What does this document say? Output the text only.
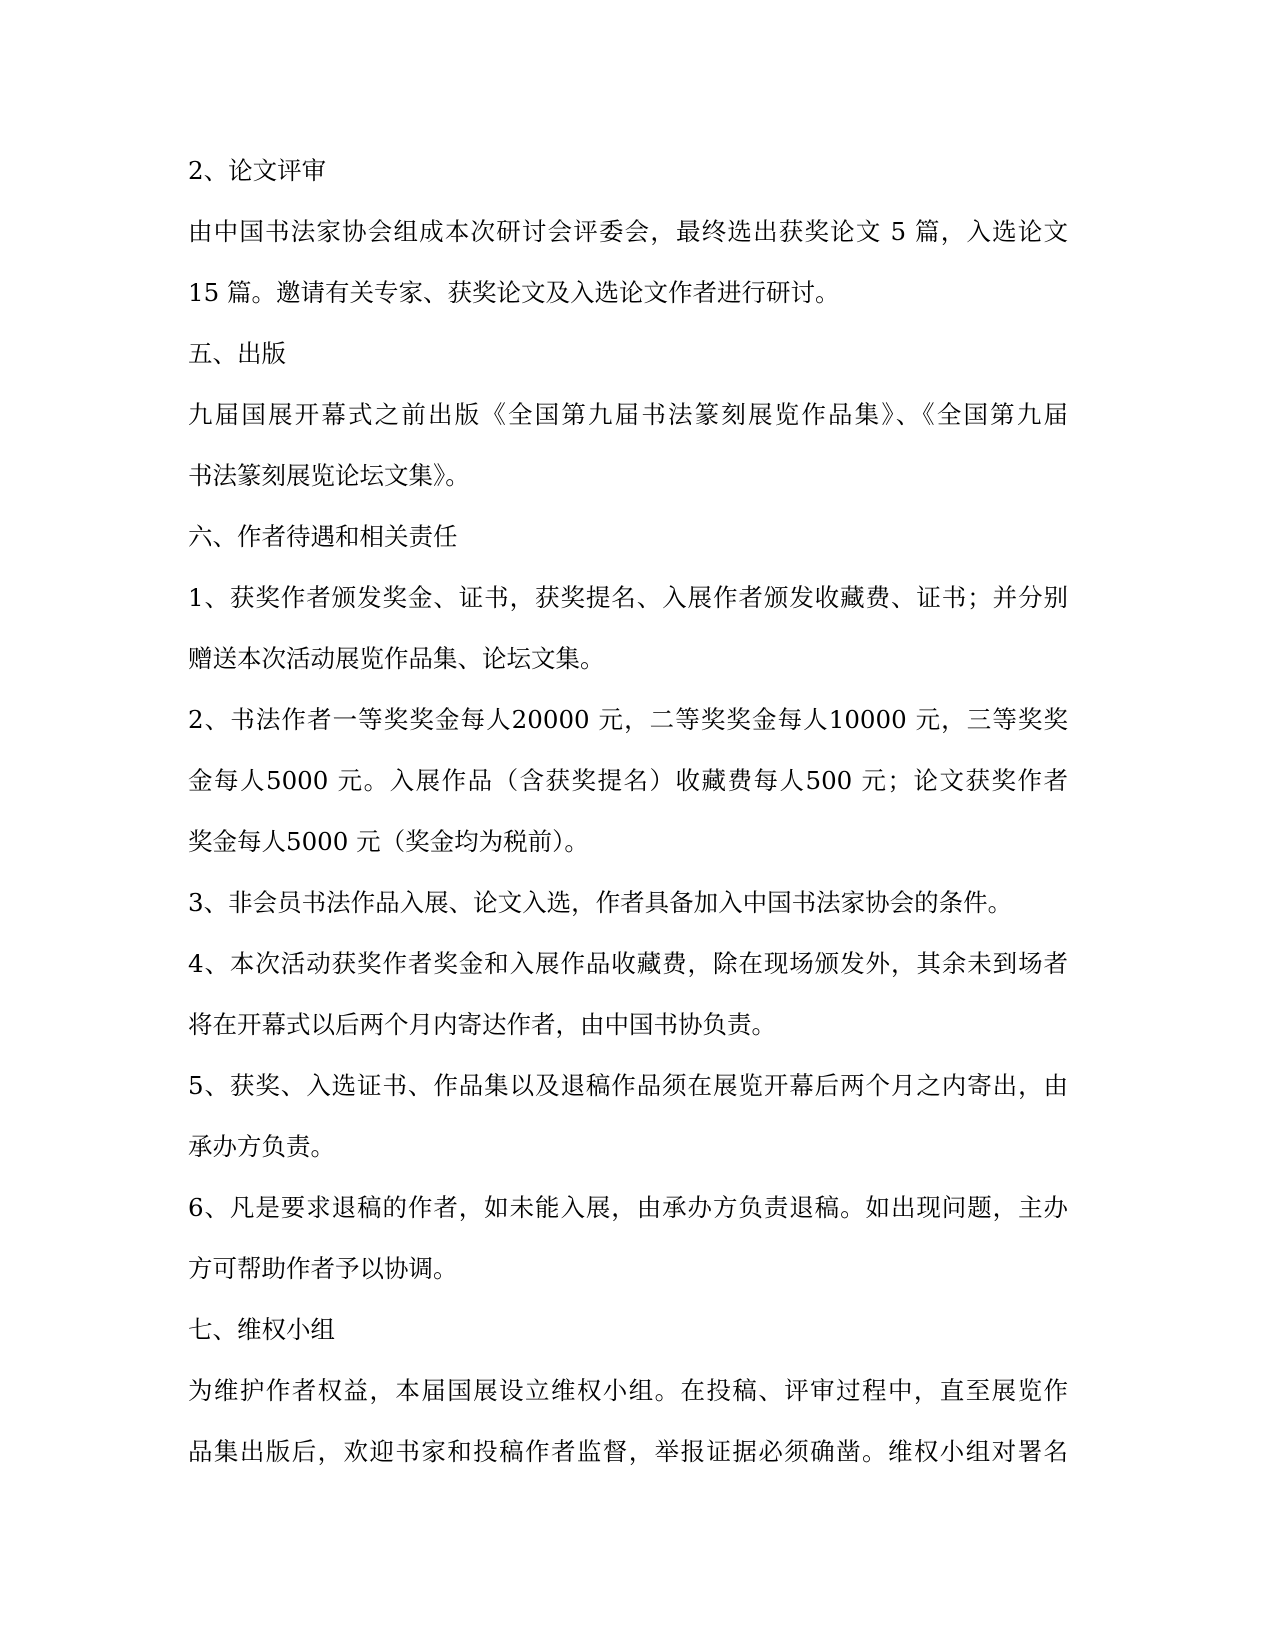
2、论文评审
由中国书法家协会组成本次研讨会评委会，最终选出获奖论文 5 篇，入选论文
15 篇。邀请有关专家、获奖论文及入选论文作者进行研讨。
五、出版
九届国展开幕式之前出版《全国第九届书法篆刻展览作品集》、《全国第九届
书法篆刻展览论坛文集》。
六、作者待遇和相关责任
1、获奖作者颁发奖金、证书，获奖提名、入展作者颁发收藏费、证书；并分别
赠送本次活动展览作品集、论坛文集。
2、书法作者一等奖奖金每人20000 元，二等奖奖金每人10000 元，三等奖奖
金每人5000 元。入展作品（含获奖提名）收藏费每人500 元；论文获奖作者
奖金每人5000 元（奖金均为税前）。
3、非会员书法作品入展、论文入选，作者具备加入中国书法家协会的条件。
4、本次活动获奖作者奖金和入展作品收藏费，除在现场颁发外，其余未到场者
将在开幕式以后两个月内寄达作者，由中国书协负责。
5、获奖、入选证书、作品集以及退稿作品须在展览开幕后两个月之内寄出，由
承办方负责。
6、凡是要求退稿的作者，如未能入展，由承办方负责退稿。如出现问题，主办
方可帮助作者予以协调。
七、维权小组
为维护作者权益，本届国展设立维权小组。在投稿、评审过程中，直至展览作
品集出版后，欢迎书家和投稿作者监督，举报证据必须确凿。维权小组对署名
